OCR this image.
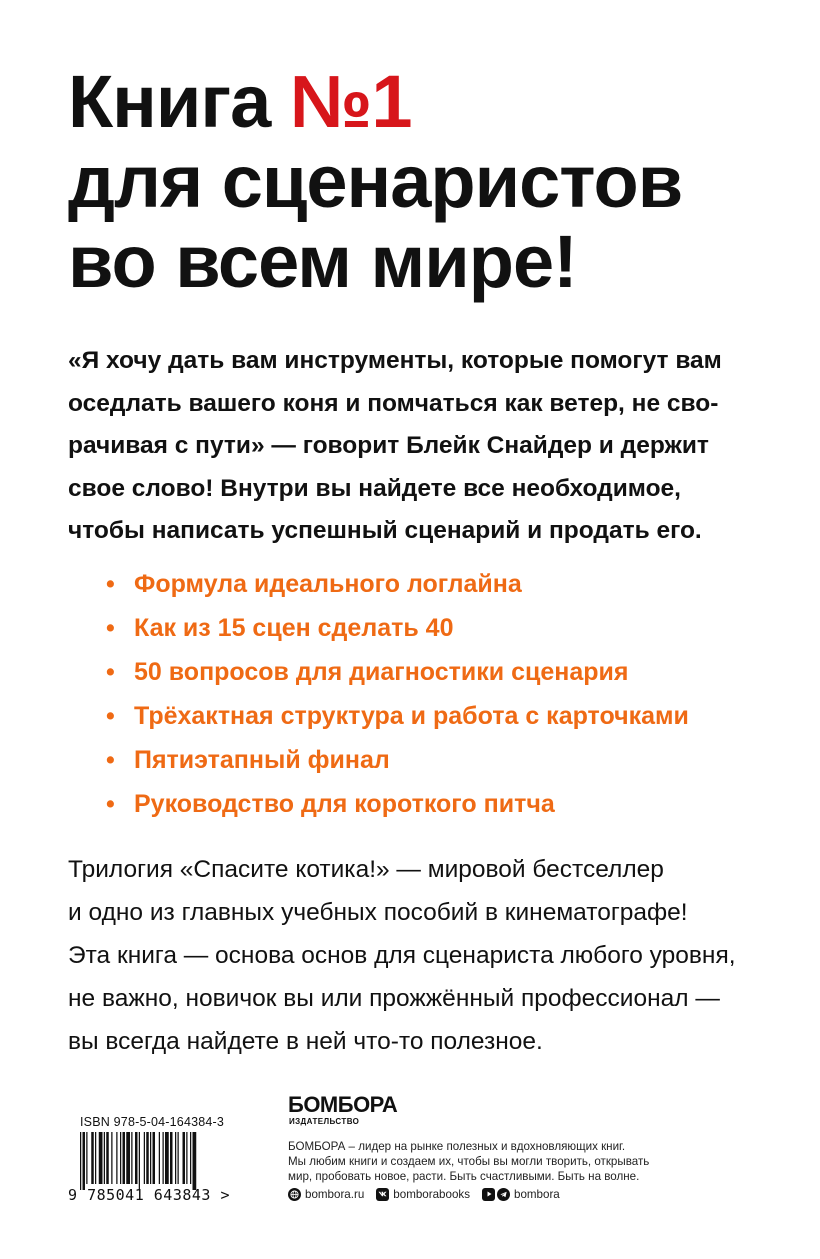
Книга №1
для сценаристов
во всем мире!
«Я хочу дать вам инструменты, которые помогут вам
оседлать вашего коня и помчаться как ветер, не сво-
рачивая с пути» — говорит Блейк Снайдер и держит
свое слово! Внутри вы найдете все необходимое,
чтобы написать успешный сценарий и продать его.
• Формула идеального логлайна
• Как из 15 сцен сделать 40
• 50 вопросов для диагностики сценария
• Трёхактная структура и работа с карточками
• Пятиэтапный финал
• Руководство для короткого питча
Трилогия «Спасите котика!» — мировой бестселлер
и одно из главных учебных пособий в кинематографе!
Эта книга — основа основ для сценариста любого уровня,
не важно, новичок вы или прожжённый профессионал —
вы всегда найдете в ней что-то полезное.
ISBN 978-5-04-164384-3
9 785041 643843 >
БОМБОРА
ИЗДАТЕЛЬСТВО
БОМБОРА – лидер на рынке полезных и вдохновляющих книг.
Мы любим книги и создаем их, чтобы вы могли творить, открывать
мир, пробовать новое, расти. Быть счастливыми. Быть на волне.
bombora.ru	bomborabooks	bombora
